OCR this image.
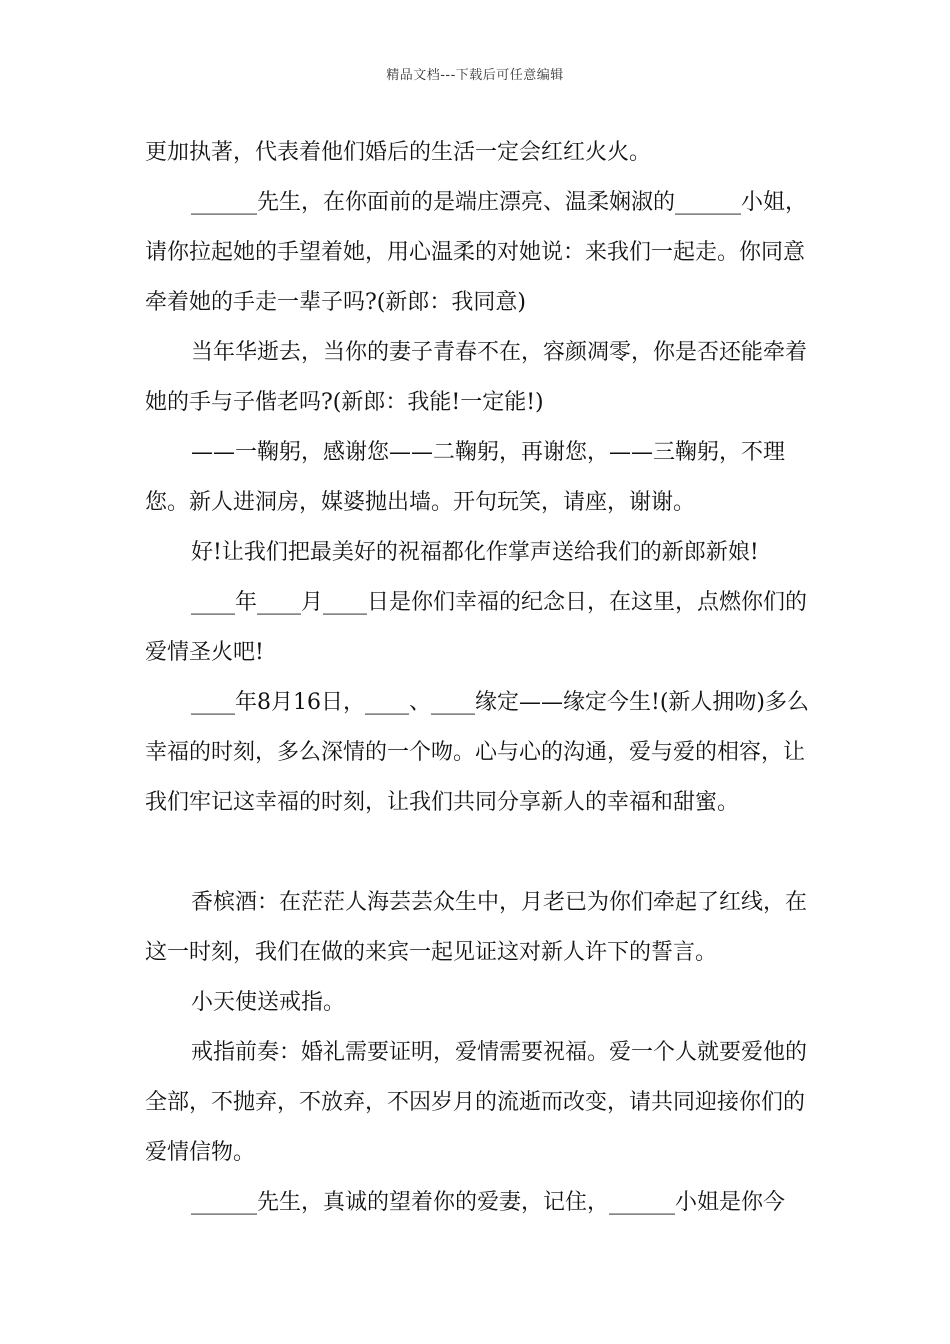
精品文档---下载后可任意编辑

更加执著，代表着他们婚后的生活一定会红红火火。

______先生，在你面前的是端庄漂亮、温柔娴淑的______小姐，请你拉起她的手望着她，用心温柔的对她说：来我们一起走。你同意牵着她的手走一辈子吗?(新郎：我同意)

当年华逝去，当你的妻子青春不在，容颜凋零，你是否还能牵着她的手与子偕老吗?(新郎：我能!一定能!)

——一鞠躬，感谢您——二鞠躬，再谢您，——三鞠躬，不理您。新人进洞房，媒婆抛出墙。开句玩笑，请座，谢谢。

好!让我们把最美好的祝福都化作掌声送给我们的新郎新娘!

____年____月____日是你们幸福的纪念日，在这里，点燃你们的爱情圣火吧!

____年8月16日，____、____缘定——缘定今生!(新人拥吻)多么幸福的时刻，多么深情的一个吻。心与心的沟通，爱与爱的相容，让我们牢记这幸福的时刻，让我们共同分享新人的幸福和甜蜜。

香槟酒：在茫茫人海芸芸众生中，月老已为你们牵起了红线，在这一时刻，我们在做的来宾一起见证这对新人许下的誓言。

小天使送戒指。

戒指前奏：婚礼需要证明，爱情需要祝福。爱一个人就要爱他的全部，不抛弃，不放弃，不因岁月的流逝而改变，请共同迎接你们的爱情信物。

______先生，真诚的望着你的爱妻，记住，______小姐是你今
